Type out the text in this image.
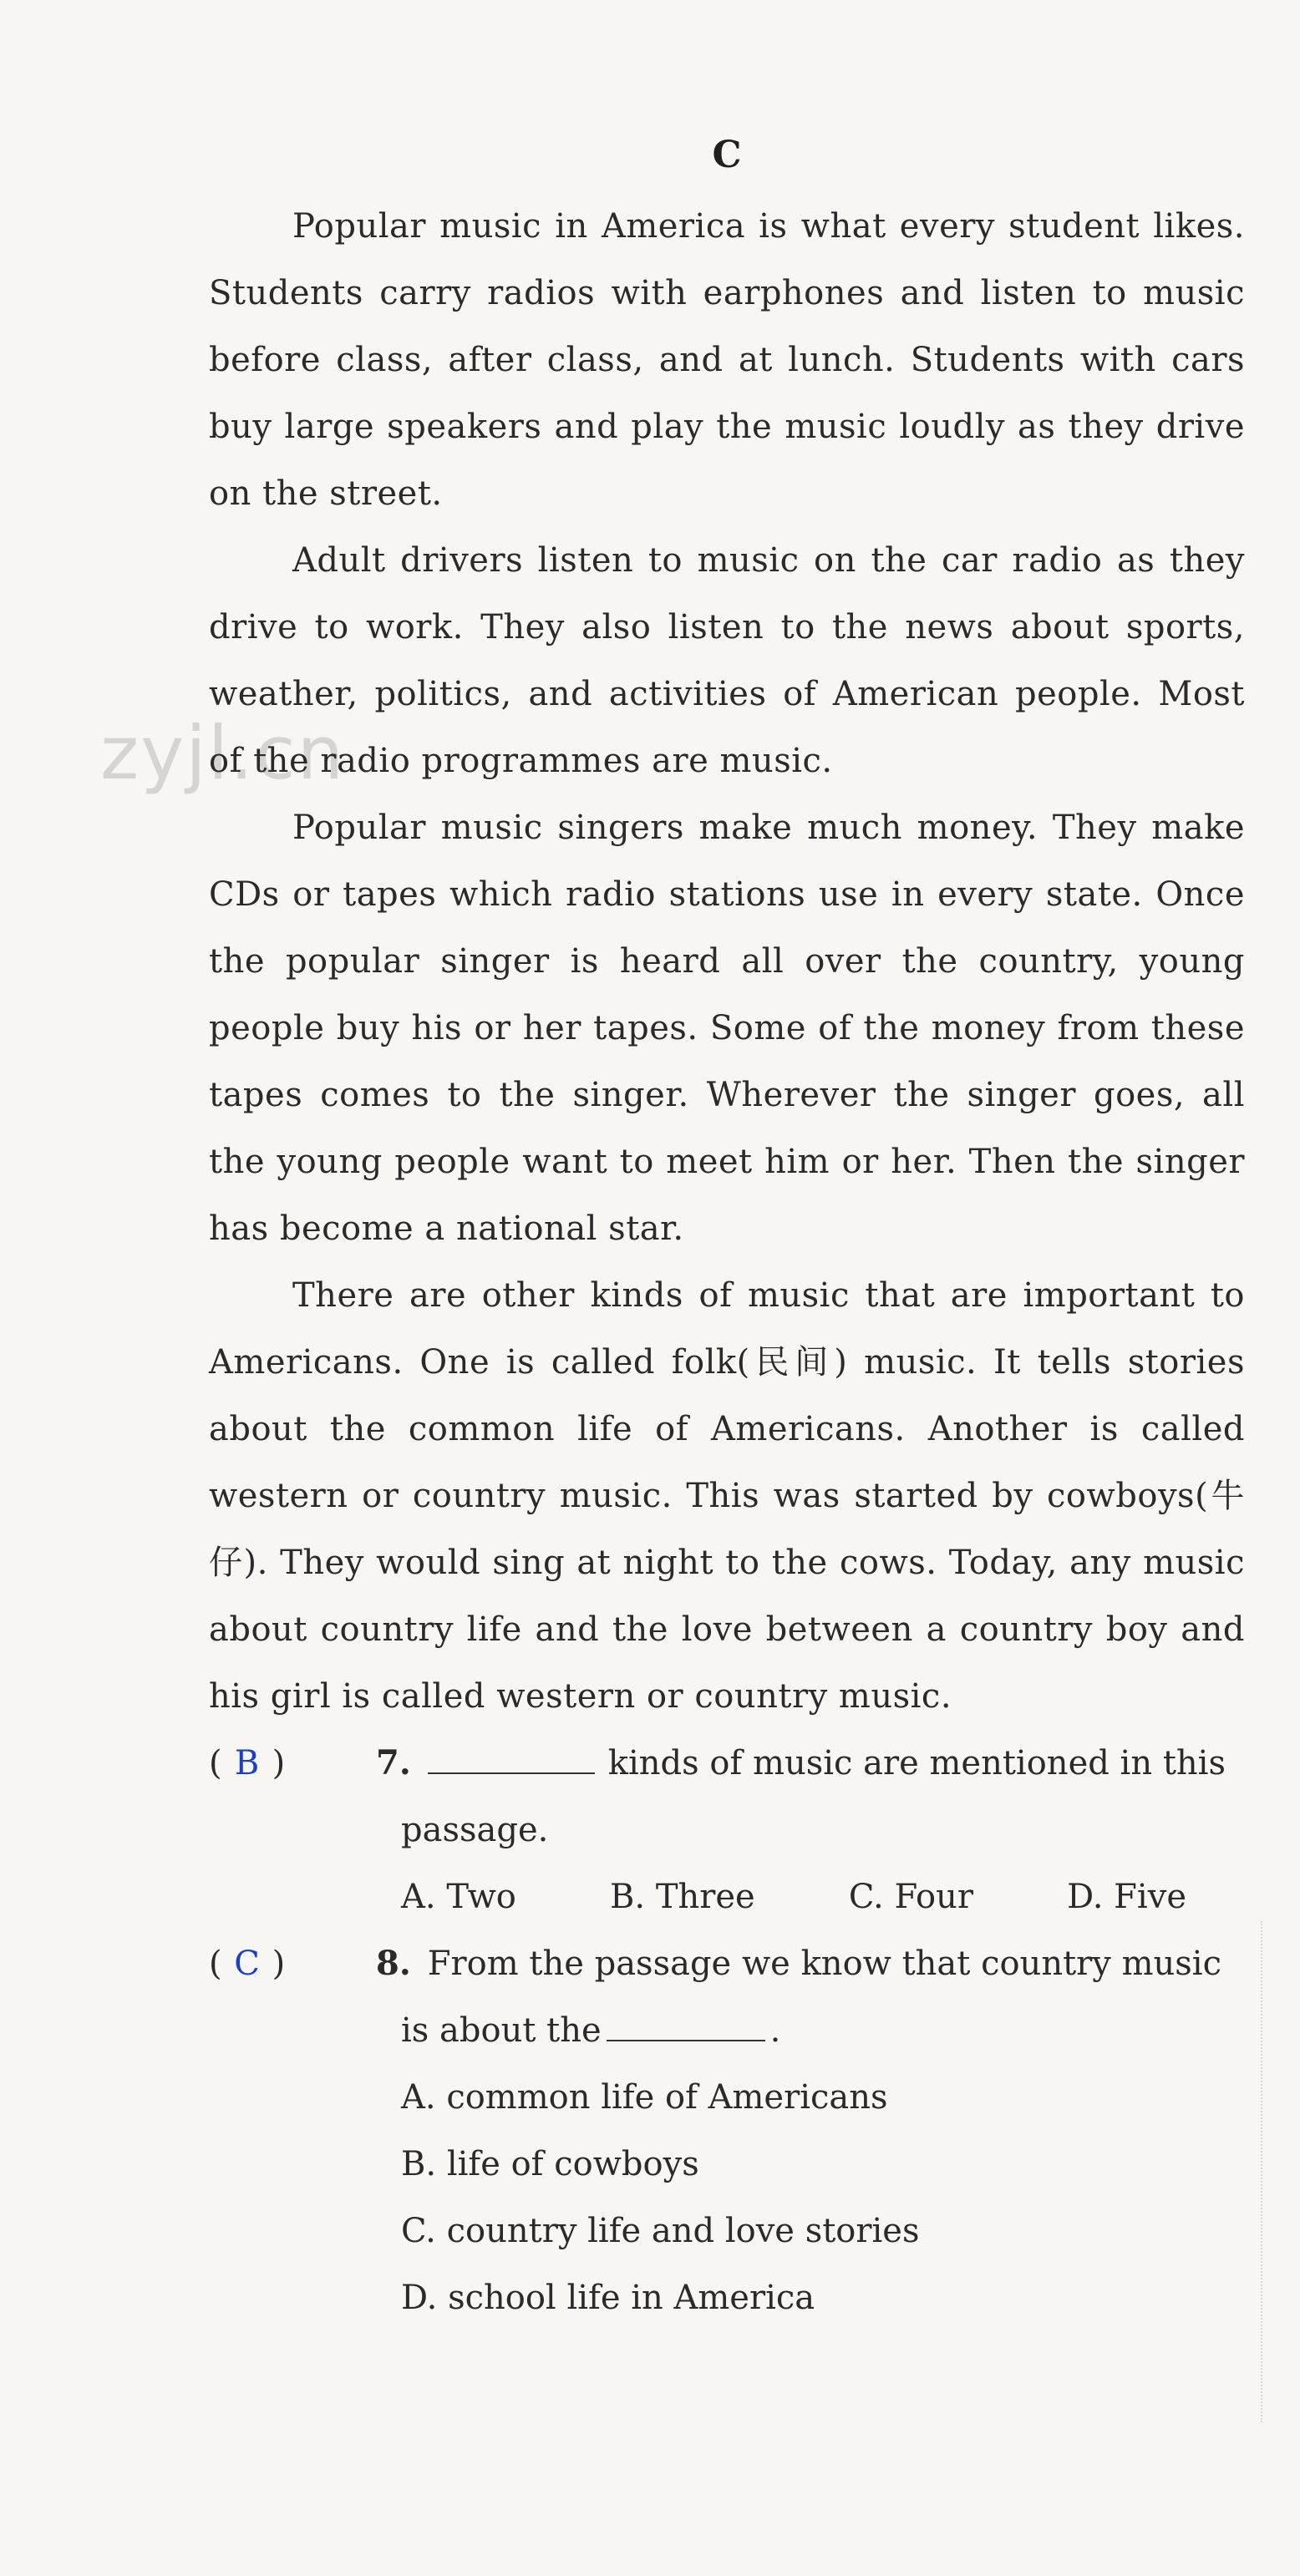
zyjl.cn
C

Popular music in America is what every student likes. Students carry radios with earphones and listen to music before class, after class, and at lunch. Students with cars buy large speakers and play the music loudly as they drive on the street.

Adult drivers listen to music on the car radio as they drive to work. They also listen to the news about sports, weather, politics, and activities of American people. Most of the radio programmes are music.

Popular music singers make much money. They make CDs or tapes which radio stations use in every state. Once the popular singer is heard all over the country, young people buy his or her tapes. Some of the money from these tapes comes to the singer. Wherever the singer goes, all the young people want to meet him or her. Then the singer has become a national star.

There are other kinds of music that are important to Americans. One is called folk(民间) music. It tells stories about the common life of Americans. Another is called western or country music. This was started by cowboys(牛仔). They would sing at night to the cows. Today, any music about country life and the love between a country boy and his girl is called western or country music.

( B )	7.	kinds of music are mentioned in this
passage.
A. Two	B. Three	C. Four	D. Five
( C )	8. From the passage we know that country music
is about the	.
A. common life of Americans
B. life of cowboys
C. country life and love stories
D. school life in America
